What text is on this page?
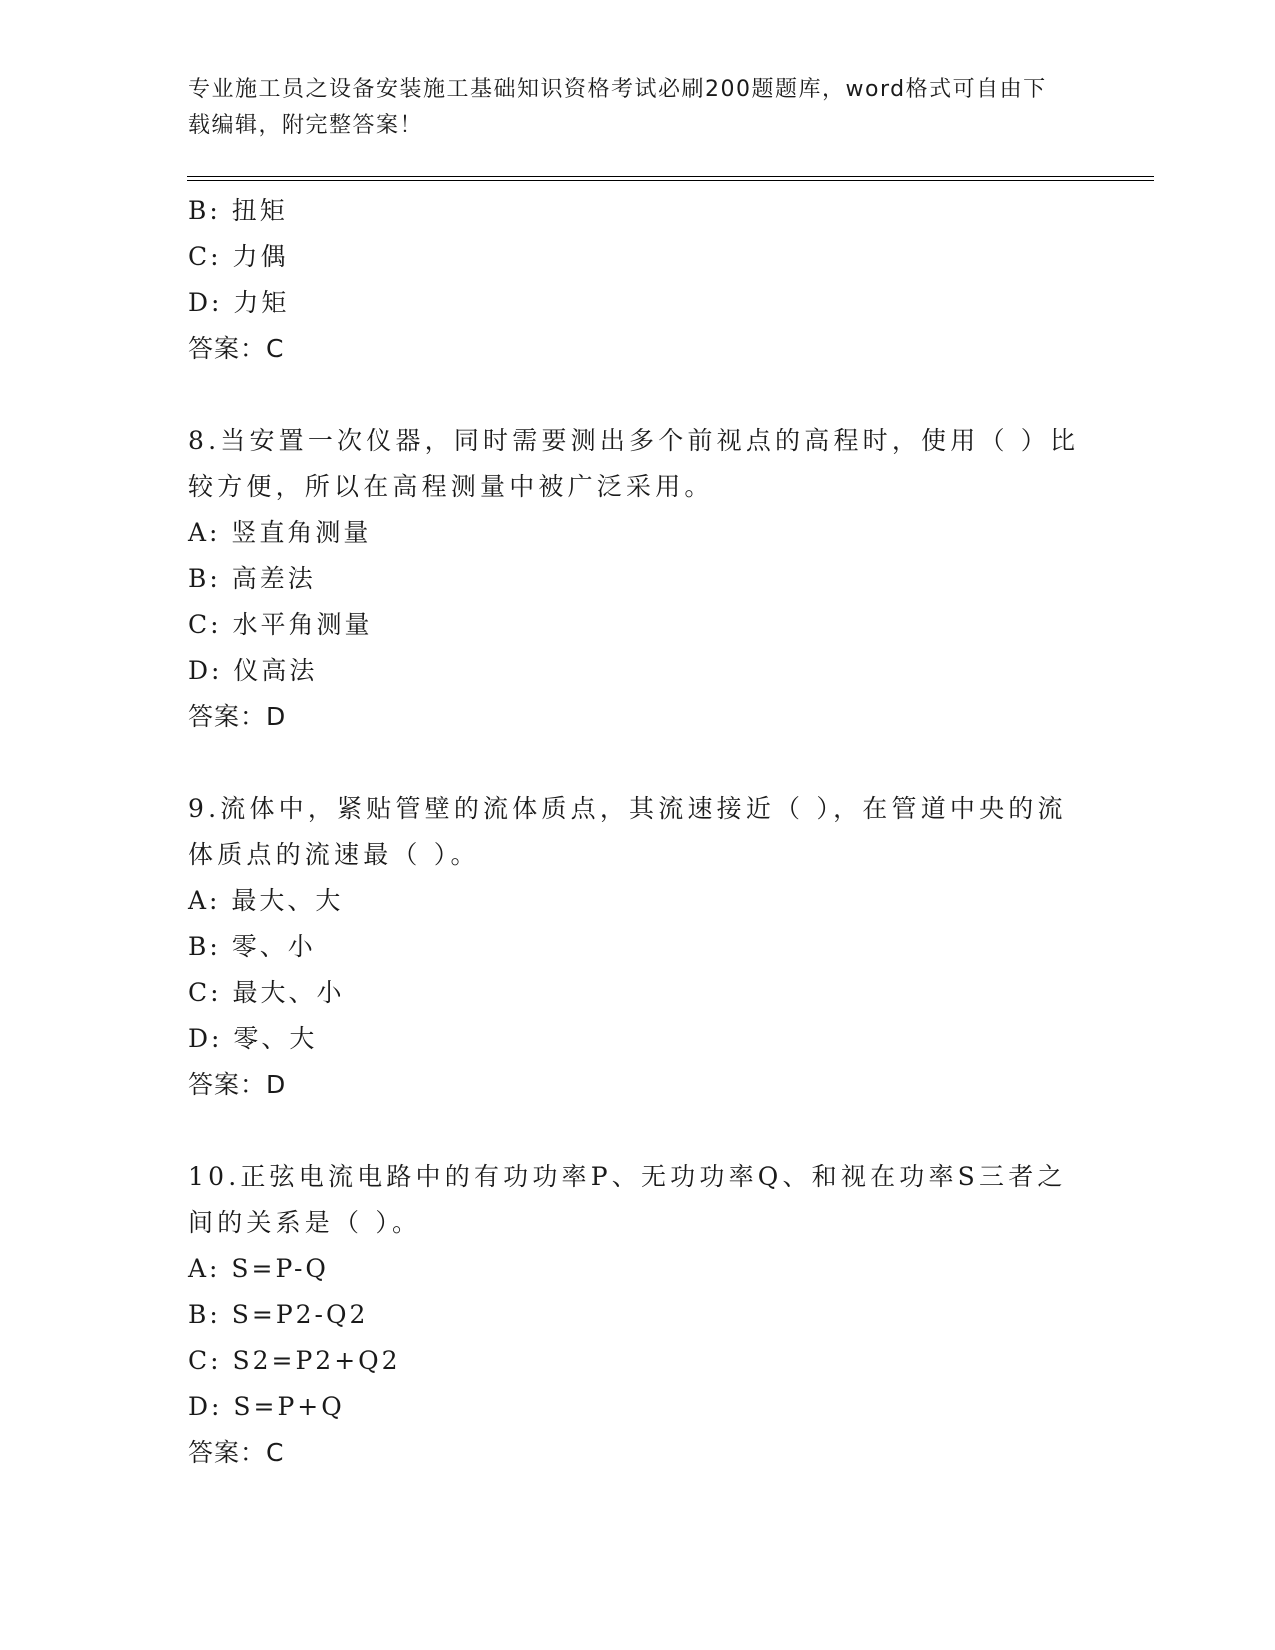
专业施工员之设备安装施工基础知识资格考试必刷200题题库，word格式可自由下载编辑，附完整答案！
B: 扭矩
C: 力偶
D: 力矩
答案：C
8.当安置一次仪器，同时需要测出多个前视点的高程时，使用（ ）比较方便，所以在高程测量中被广泛采用。
A: 竖直角测量
B: 高差法
C: 水平角测量
D: 仪高法
答案：D
9.流体中，紧贴管壁的流体质点，其流速接近（ ），在管道中央的流体质点的流速最（ ）。
A: 最大、大
B: 零、小
C: 最大、小
D: 零、大
答案：D
10.正弦电流电路中的有功功率P、无功功率Q、和视在功率S三者之间的关系是（ ）。
A: S=P-Q
B: S=P2-Q2
C: S2=P2+Q2
D: S=P+Q
答案：C
